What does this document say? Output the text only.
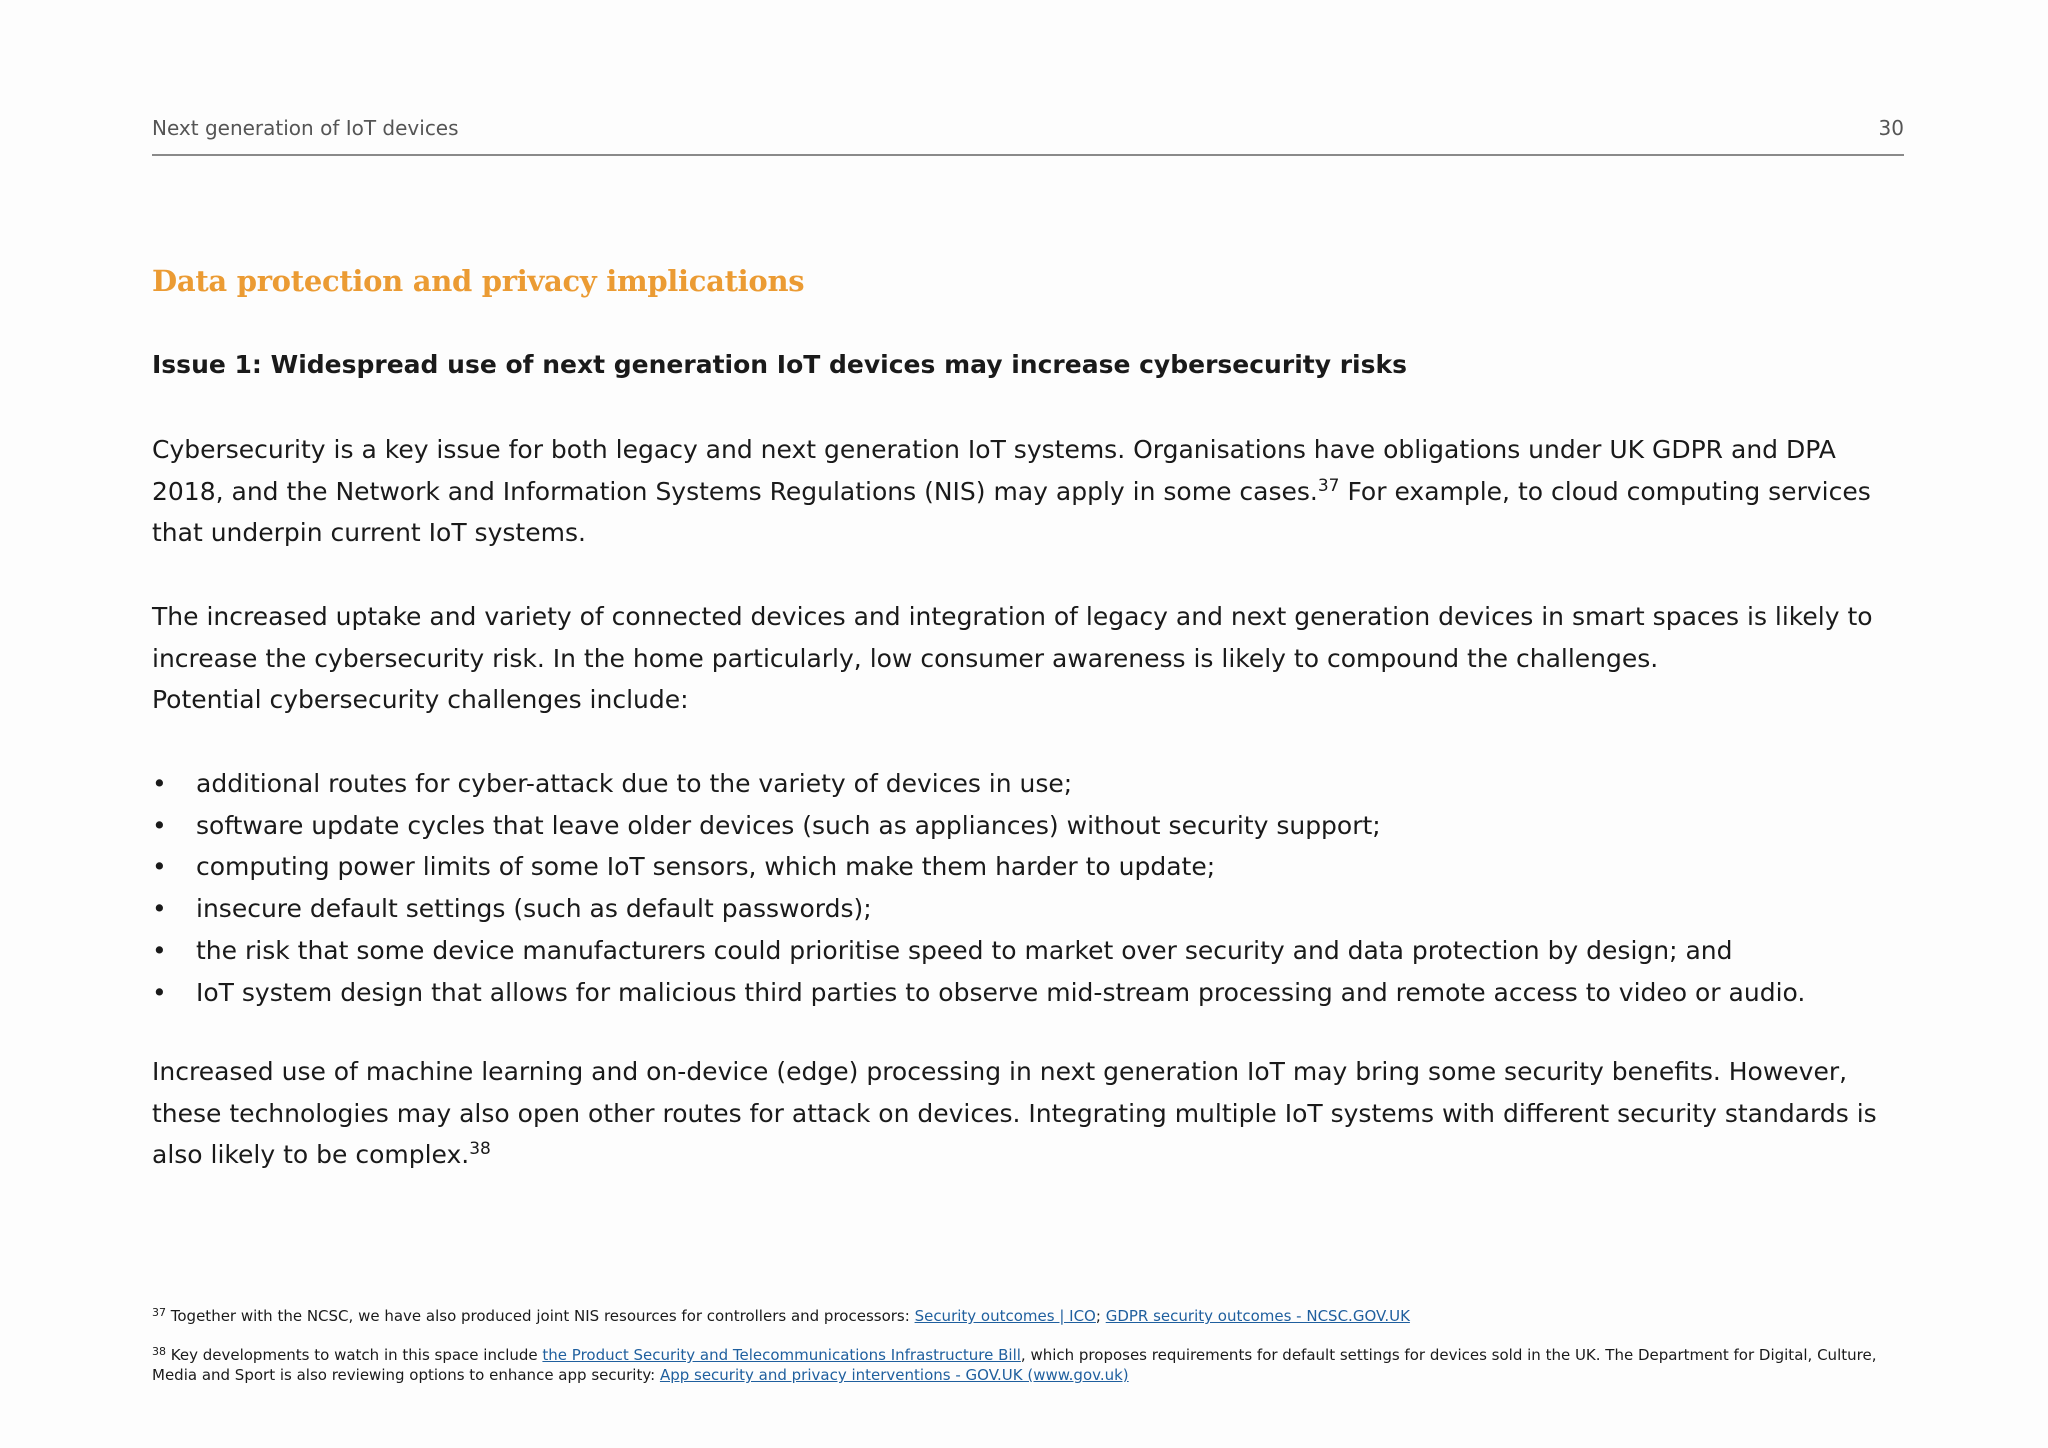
Next generation of IoT devices	30
Data protection and privacy implications
Issue 1: Widespread use of next generation IoT devices may increase cybersecurity risks

Cybersecurity is a key issue for both legacy and next generation IoT systems. Organisations have obligations under UK GDPR and DPA 2018, and the Network and Information Systems Regulations (NIS) may apply in some cases.$^{37}$ For example, to cloud computing services that underpin current IoT systems.

The increased uptake and variety of connected devices and integration of legacy and next generation devices in smart spaces is likely to increase the cybersecurity risk. In the home particularly, low consumer awareness is likely to compound the challenges.
Potential cybersecurity challenges include:

• additional routes for cyber-attack due to the variety of devices in use;
• software update cycles that leave older devices (such as appliances) without security support;
• computing power limits of some IoT sensors, which make them harder to update;
• insecure default settings (such as default passwords);
• the risk that some device manufacturers could prioritise speed to market over security and data protection by design; and
• IoT system design that allows for malicious third parties to observe mid-stream processing and remote access to video or audio.

Increased use of machine learning and on-device (edge) processing in next generation IoT may bring some security benefits. However, these technologies may also open other routes for attack on devices. Integrating multiple IoT systems with different security standards is also likely to be complex.$^{38}$

$^{37}$ Together with the NCSC, we have also produced joint NIS resources for controllers and processors: Security outcomes | ICO; GDPR security outcomes - NCSC.GOV.UK

$^{38}$ Key developments to watch in this space include the Product Security and Telecommunications Infrastructure Bill, which proposes requirements for default settings for devices sold in the UK. The Department for Digital, Culture, Media and Sport is also reviewing options to enhance app security: App security and privacy interventions - GOV.UK (www.gov.uk)
